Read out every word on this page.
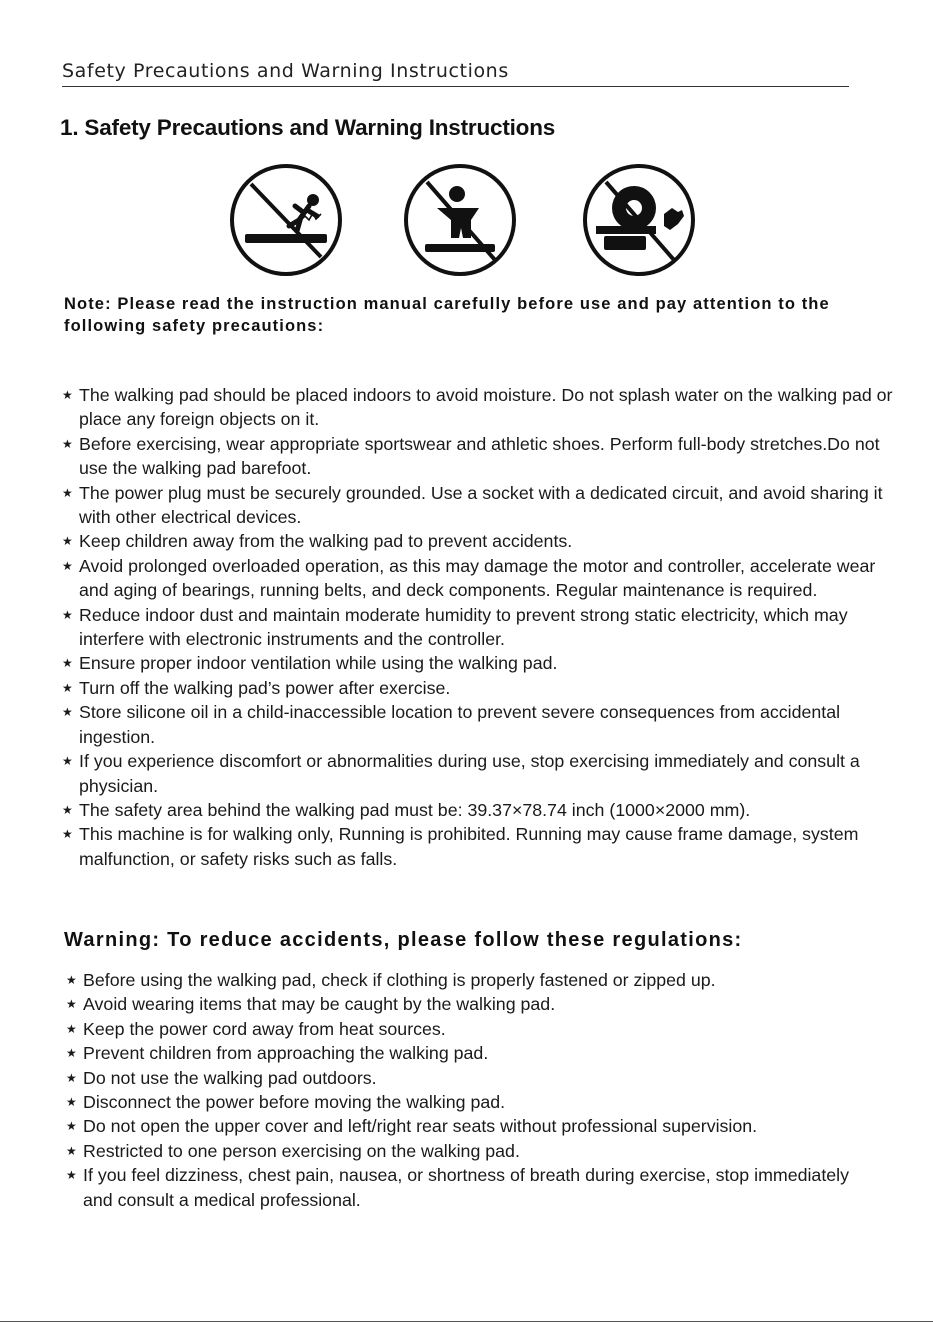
Safety Precautions and Warning Instructions
1. Safety Precautions and Warning Instructions
Note: Please read the instruction manual carefully before use and pay attention to the following safety precautions:
★ The walking pad should be placed indoors to avoid moisture. Do not splash water on the walking pad or place any foreign objects on it.
★ Before exercising, wear appropriate sportswear and athletic shoes. Perform full-body stretches.Do not use the walking pad barefoot.
★ The power plug must be securely grounded. Use a socket with a dedicated circuit, and avoid sharing it with other electrical devices.
★ Keep children away from the walking pad to prevent accidents.
★ Avoid prolonged overloaded operation, as this may damage the motor and controller, accelerate wear and aging of bearings, running belts, and deck components. Regular maintenance is required.
★ Reduce indoor dust and maintain moderate humidity to prevent strong static electricity, which may interfere with electronic instruments and the controller.
★ Ensure proper indoor ventilation while using the walking pad.
★ Turn off the walking pad’s power after exercise.
★ Store silicone oil in a child-inaccessible location to prevent severe consequences from accidental ingestion.
★ If you experience discomfort or abnormalities during use, stop exercising immediately and consult a physician.
★ The safety area behind the walking pad must be: 39.37×78.74 inch (1000×2000 mm).
★ This machine is for walking only, Running is prohibited. Running may cause frame damage, system malfunction, or safety risks such as falls.
Warning: To reduce accidents, please follow these regulations:
★ Before using the walking pad, check if clothing is properly fastened or zipped up.
★ Avoid wearing items that may be caught by the walking pad.
★ Keep the power cord away from heat sources.
★ Prevent children from approaching the walking pad.
★ Do not use the walking pad outdoors.
★ Disconnect the power before moving the walking pad.
★ Do not open the upper cover and left/right rear seats without professional supervision.
★ Restricted to one person exercising on the walking pad.
★ If you feel dizziness, chest pain, nausea, or shortness of breath during exercise, stop immediately and consult a medical professional.
